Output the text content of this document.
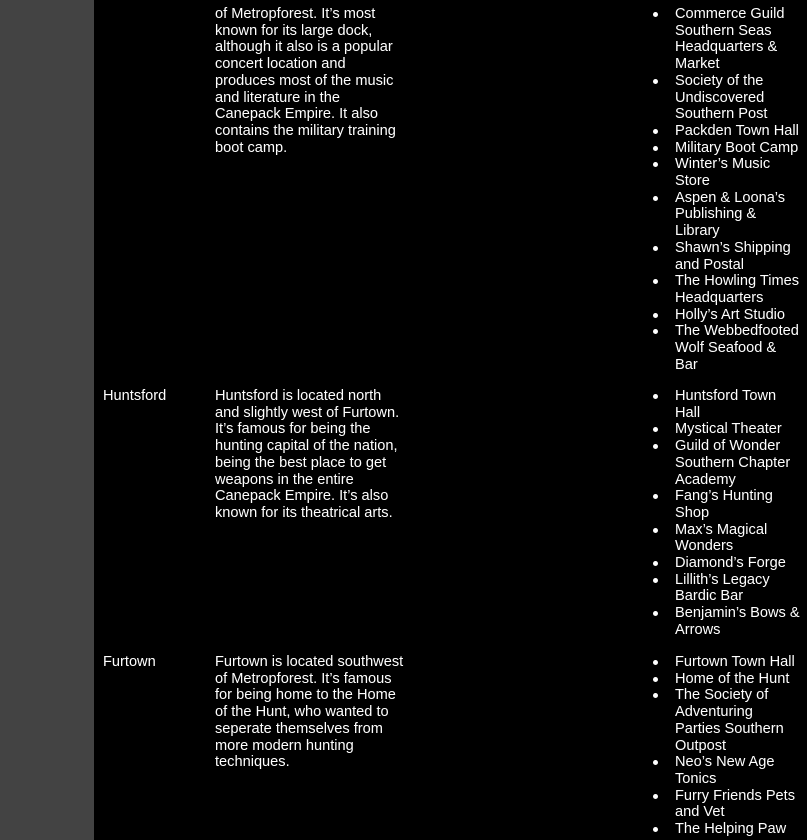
of Metropforest. It’s most known for its large dock, although it also is a popular concert location and produces most of the music and literature in the Canepack Empire. It also contains the military training boot camp.
Commerce Guild Southern Seas Headquarters & Market
Society of the Undiscovered Southern Post
Packden Town Hall
Military Boot Camp
Winter’s Music Store
Aspen & Loona’s Publishing & Library
Shawn’s Shipping and Postal
The Howling Times Headquarters
Holly’s Art Studio
The Webbedfooted Wolf Seafood & Bar
Huntsford	Huntsford is located north and slightly west of Furtown. It’s famous for being the hunting capital of the nation, being the best place to get weapons in the entire Canepack Empire. It’s also known for its theatrical arts.
Huntsford Town Hall
Mystical Theater
Guild of Wonder Southern Chapter Academy
Fang’s Hunting Shop
Max’s Magical Wonders
Diamond’s Forge
Lillith’s Legacy Bardic Bar
Benjamin’s Bows & Arrows
Furtown	Furtown is located southwest of Metropforest. It’s famous for being home to the Home of the Hunt, who wanted to seperate themselves from more modern hunting techniques.
Furtown Town Hall
Home of the Hunt
The Society of Adventuring Parties Southern Outpost
Neo’s New Age Tonics
Furry Friends Pets and Vet
The Helping Paw
